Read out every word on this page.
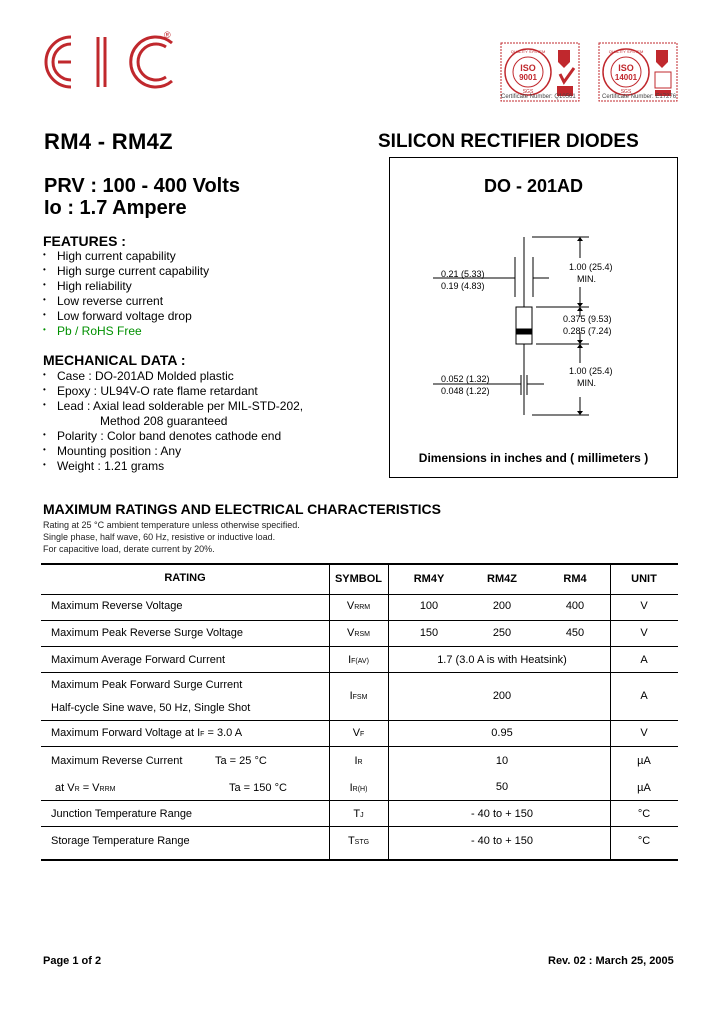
®
ISO
9001
SGS
QUALITY SYSTEM
Certificate Number: Q10561
ISO
14001
SGS
QUALITY SYSTEM
Certificate Number: E17276
RM4 - RM4Z	SILICON RECTIFIER DIODES
PRV : 100 - 400 Volts
Io : 1.7 Ampere
FEATURES :
• High current capability
• High surge current capability
• High reliability
• Low reverse current
• Low forward voltage drop
• Pb / RoHS Free
MECHANICAL DATA :
• Case : DO-201AD Molded plastic
• Epoxy : UL94V-O rate flame retardant
• Lead : Axial lead solderable per MIL-STD-202,
Method 208 guaranteed
• Polarity : Color band denotes cathode end
• Mounting position : Any
• Weight : 1.21 grams
DO - 201AD
1.00 (25.4)
MIN.
0.21 (5.33)
0.19 (4.83)
0.375 (9.53)
0.285 (7.24)
1.00 (25.4)
MIN.
0.052 (1.32)
0.048 (1.22)
Dimensions in inches and ( millimeters )
MAXIMUM RATINGS AND ELECTRICAL CHARACTERISTICS
Rating at 25 °C ambient temperature unless otherwise specified.
Single phase, half wave, 60 Hz, resistive or inductive load.
For capacitive load, derate current by 20%.
RATING	SYMBOL	RM4Y	RM4Z	RM4	UNIT
Maximum Reverse Voltage	VRRM	100	200	400	V
Maximum Peak Reverse Surge Voltage	VRSM	150	250	450	V
Maximum Average Forward Current	IF(AV)	1.7 (3.0 A is with Heatsink)	A
Maximum Peak Forward Surge Current
Half-cycle Sine wave, 50 Hz, Single Shot
IFSM	200	A
Maximum Forward Voltage at IF = 3.0 A	VF	0.95	V
Maximum Reverse Current	Ta = 25 °C	IR	10	µA
at VR = VRRM	Ta = 150 °C	IR(H)	50	µA
Junction Temperature Range	TJ	- 40 to + 150	°C
Storage Temperature Range	TSTG	- 40 to + 150	°C
Page 1 of 2	Rev. 02 : March 25, 2005
